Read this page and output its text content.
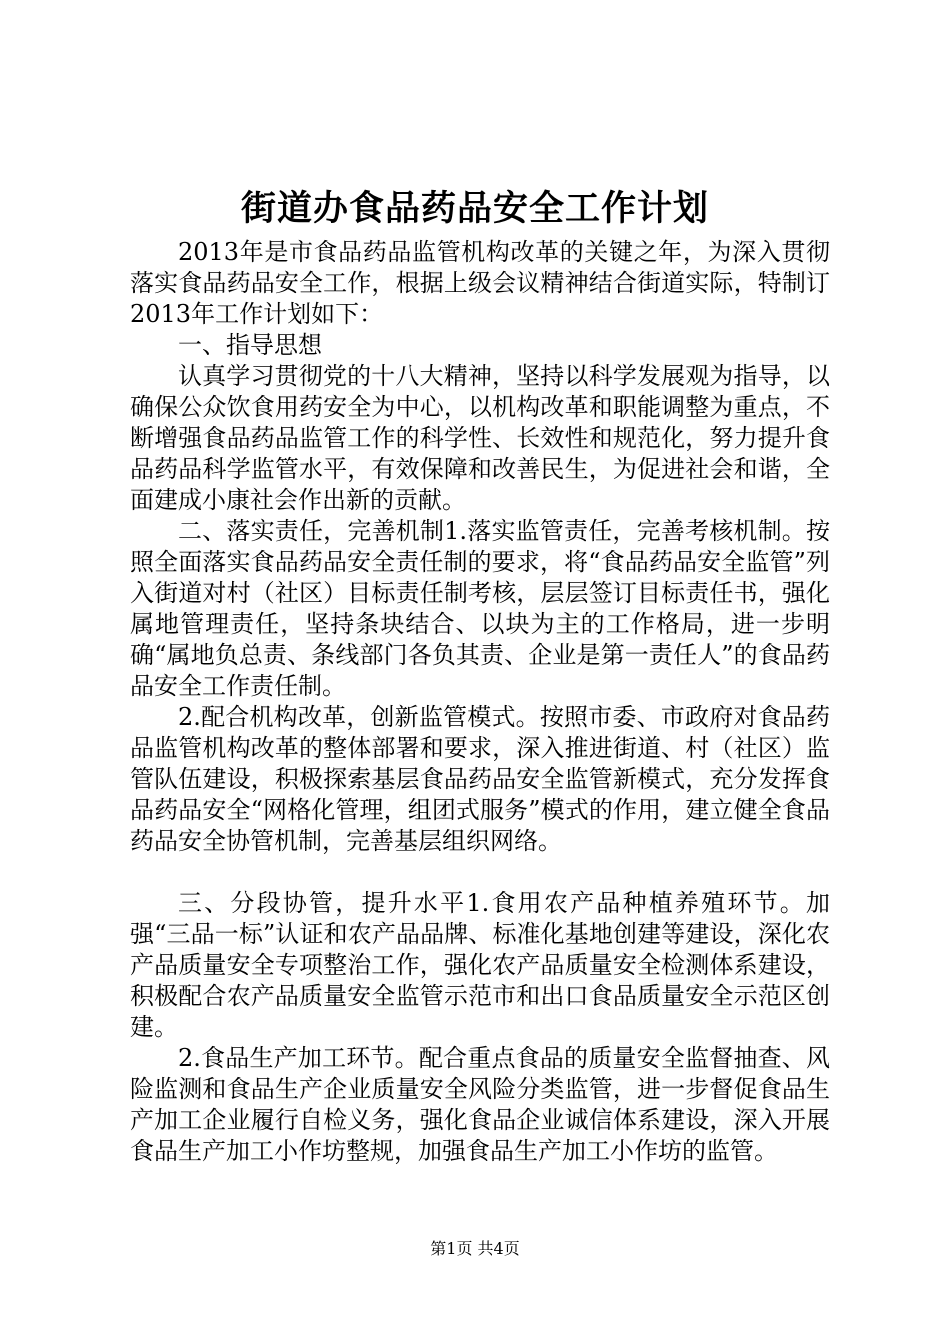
街道办食品药品安全工作计划

2013年是市食品药品监管机构改革的关键之年，为深入贯彻落实食品药品安全工作，根据上级会议精神结合街道实际，特制订2013年工作计划如下：

一、指导思想

认真学习贯彻党的十八大精神，坚持以科学发展观为指导，以确保公众饮食用药安全为中心，以机构改革和职能调整为重点，不断增强食品药品监管工作的科学性、长效性和规范化，努力提升食品药品科学监管水平，有效保障和改善民生，为促进社会和谐，全面建成小康社会作出新的贡献。

二、落实责任，完善机制1.落实监管责任，完善考核机制。按照全面落实食品药品安全责任制的要求，将“食品药品安全监管”列入街道对村（社区）目标责任制考核，层层签订目标责任书，强化属地管理责任，坚持条块结合、以块为主的工作格局，进一步明确“属地负总责、条线部门各负其责、企业是第一责任人”的食品药品安全工作责任制。

2.配合机构改革，创新监管模式。按照市委、市政府对食品药品监管机构改革的整体部署和要求，深入推进街道、村（社区）监管队伍建设，积极探索基层食品药品安全监管新模式，充分发挥食品药品安全“网格化管理，组团式服务”模式的作用，建立健全食品药品安全协管机制，完善基层组织网络。

三、分段协管，提升水平1.食用农产品种植养殖环节。加强“三品一标”认证和农产品品牌、标准化基地创建等建设，深化农产品质量安全专项整治工作，强化农产品质量安全检测体系建设，积极配合农产品质量安全监管示范市和出口食品质量安全示范区创建。

2.食品生产加工环节。配合重点食品的质量安全监督抽查、风险监测和食品生产企业质量安全风险分类监管，进一步督促食品生产加工企业履行自检义务，强化食品企业诚信体系建设，深入开展食品生产加工小作坊整规，加强食品生产加工小作坊的监管。

第1页 共4页
